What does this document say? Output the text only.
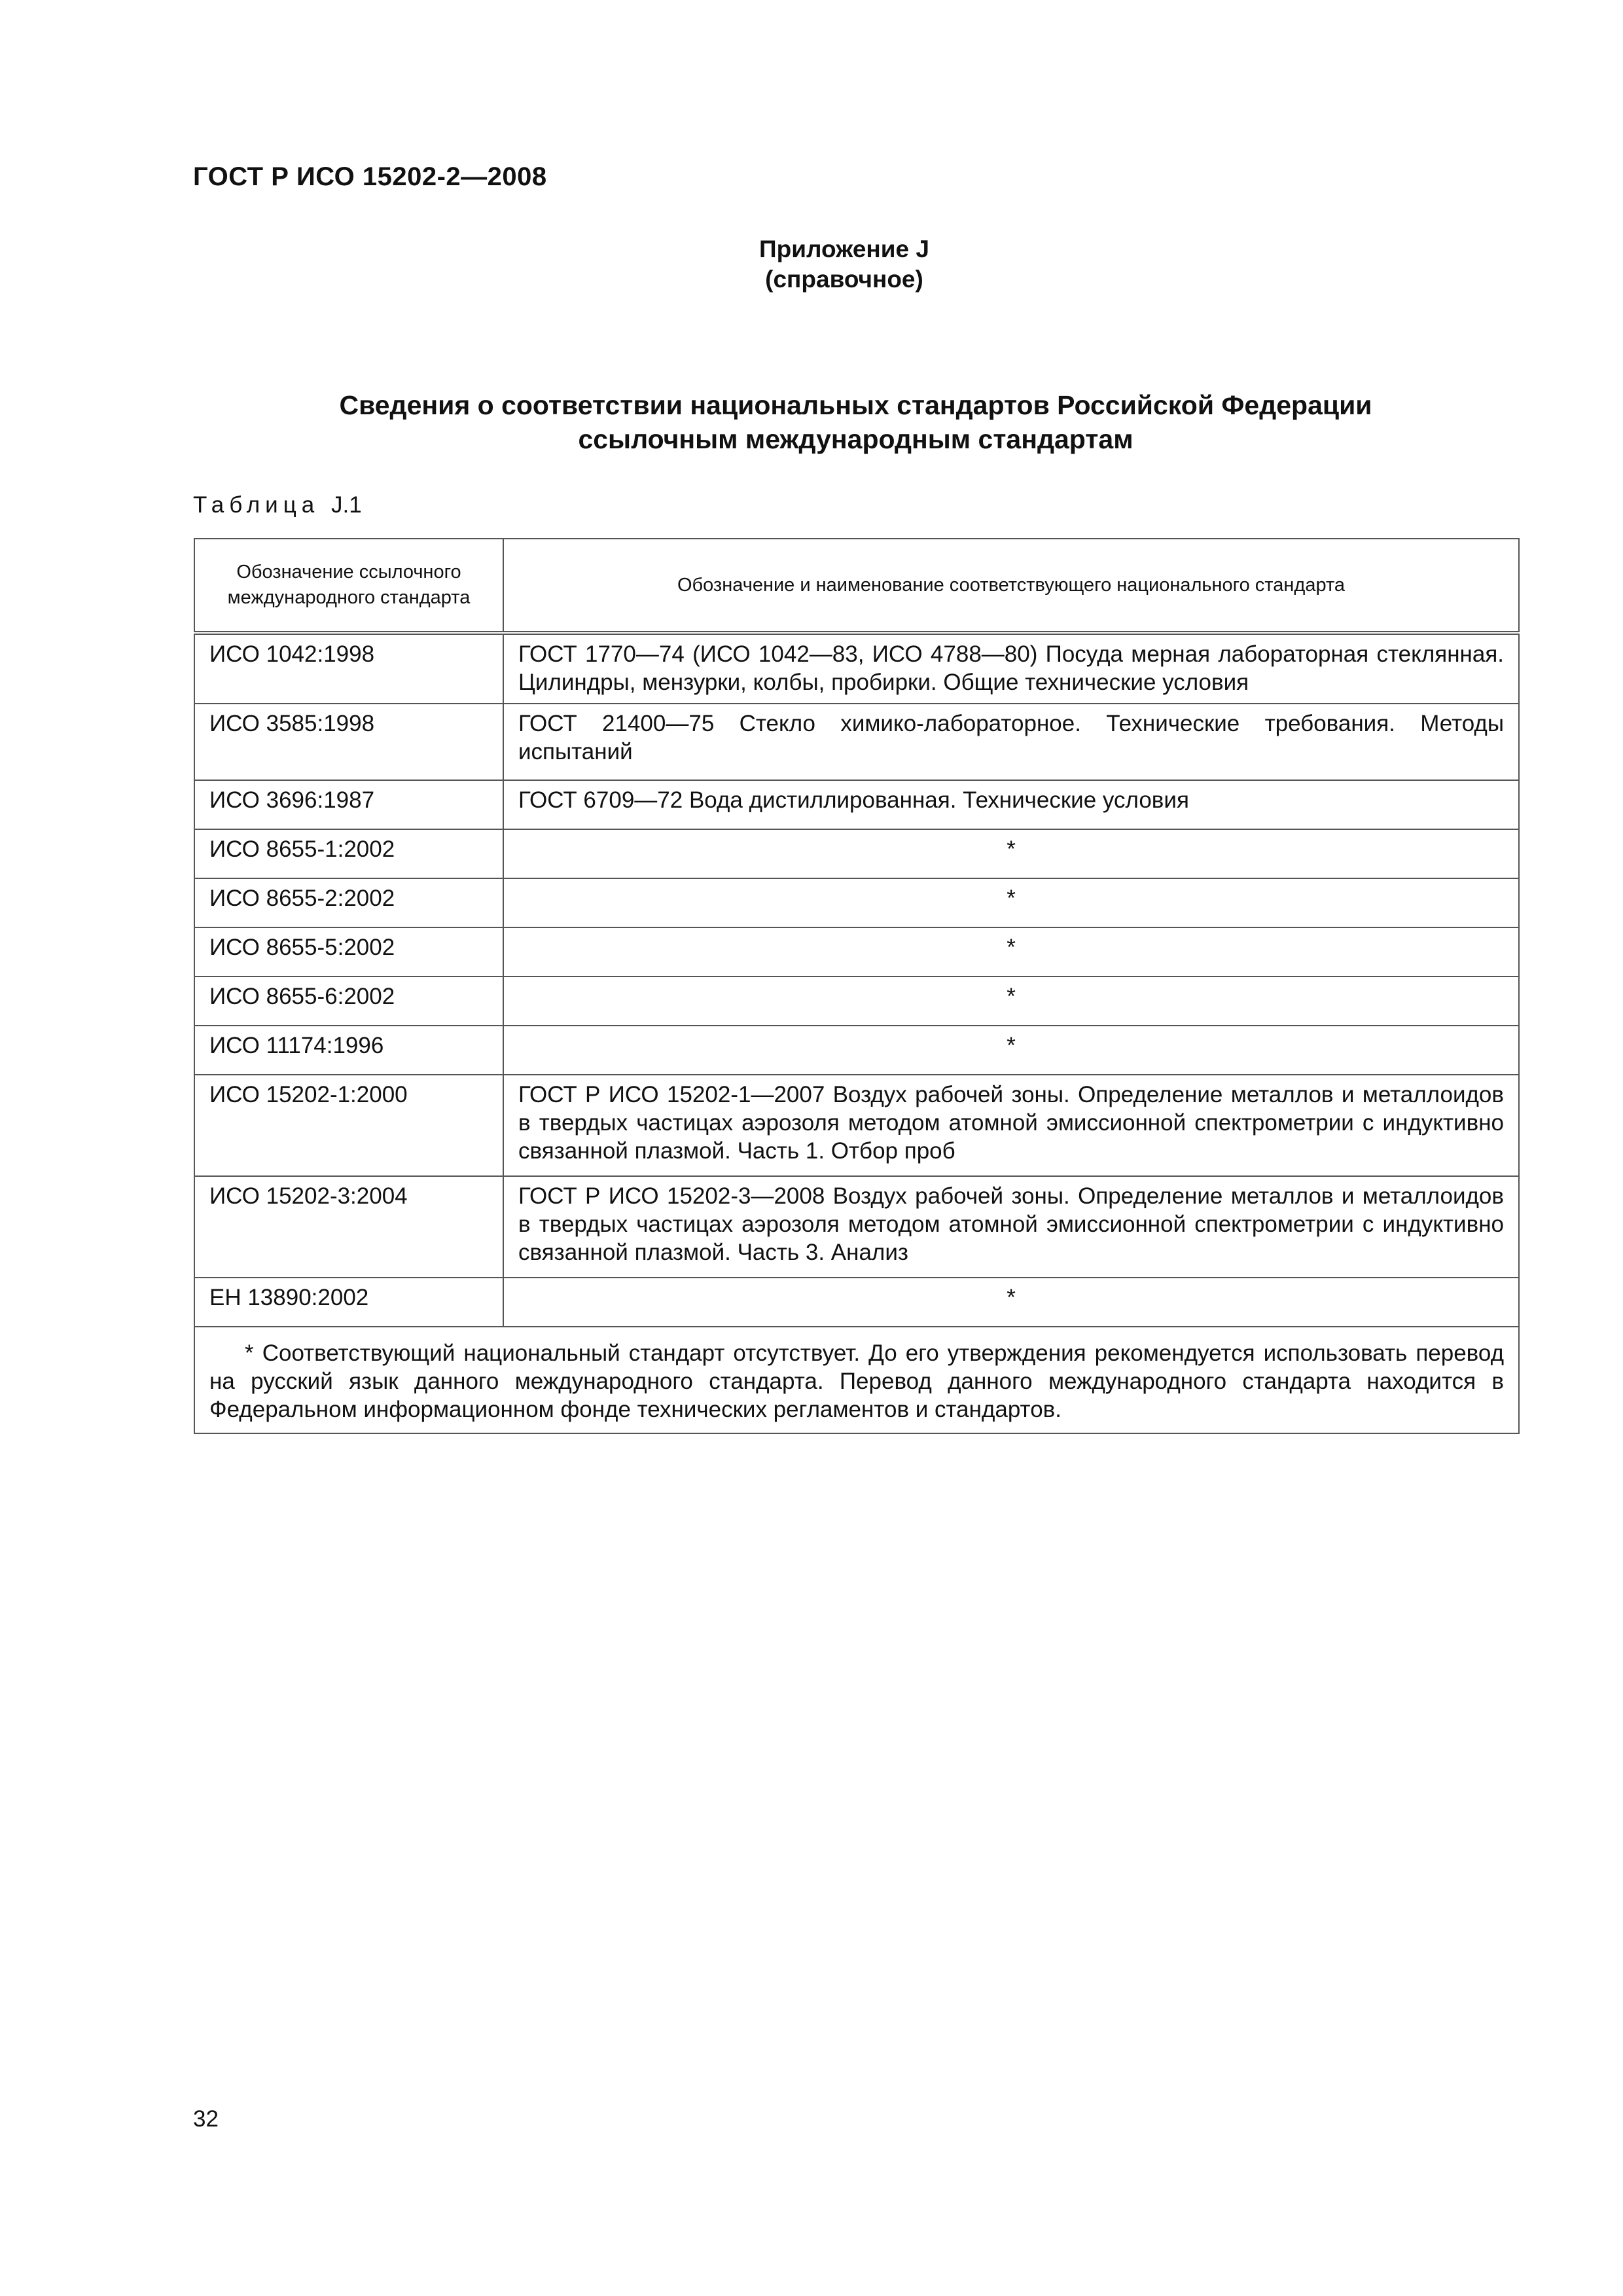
ГОСТ Р ИСО 15202-2—2008
Приложение J
(справочное)
Сведения о соответствии национальных стандартов Российской Федерации
ссылочным международным стандартам
Таблица J.1
Обозначение ссылочного
международного стандарта	Обозначение и наименование соответствующего национального стандарта
ИСО 1042:1998	ГОСТ 1770—74 (ИСО 1042—83, ИСО 4788—80) Посуда мерная лабораторная стеклянная. Цилиндры, мензурки, колбы, пробирки. Общие технические условия
ИСО 3585:1998	ГОСТ 21400—75 Стекло химико-лабораторное. Технические требования. Методы испытаний
ИСО 3696:1987	ГОСТ 6709—72 Вода дистиллированная. Технические условия
ИСО 8655-1:2002	*
ИСО 8655-2:2002	*
ИСО 8655-5:2002	*
ИСО 8655-6:2002	*
ИСО 11174:1996	*
ИСО 15202-1:2000	ГОСТ Р ИСО 15202-1—2007 Воздух рабочей зоны. Определение металлов и металлоидов в твердых частицах аэрозоля методом атомной эмиссионной спектрометрии с индуктивно связанной плазмой. Часть 1. Отбор проб
ИСО 15202-3:2004	ГОСТ Р ИСО 15202-3—2008 Воздух рабочей зоны. Определение металлов и металлоидов в твердых частицах аэрозоля методом атомной эмиссионной спектрометрии с индуктивно связанной плазмой. Часть 3. Анализ
ЕН 13890:2002	*
* Соответствующий национальный стандарт отсутствует. До его утверждения рекомендуется использовать перевод на русский язык данного международного стандарта. Перевод данного международного стандарта находится в Федеральном информационном фонде технических регламентов и стандартов.	
32
